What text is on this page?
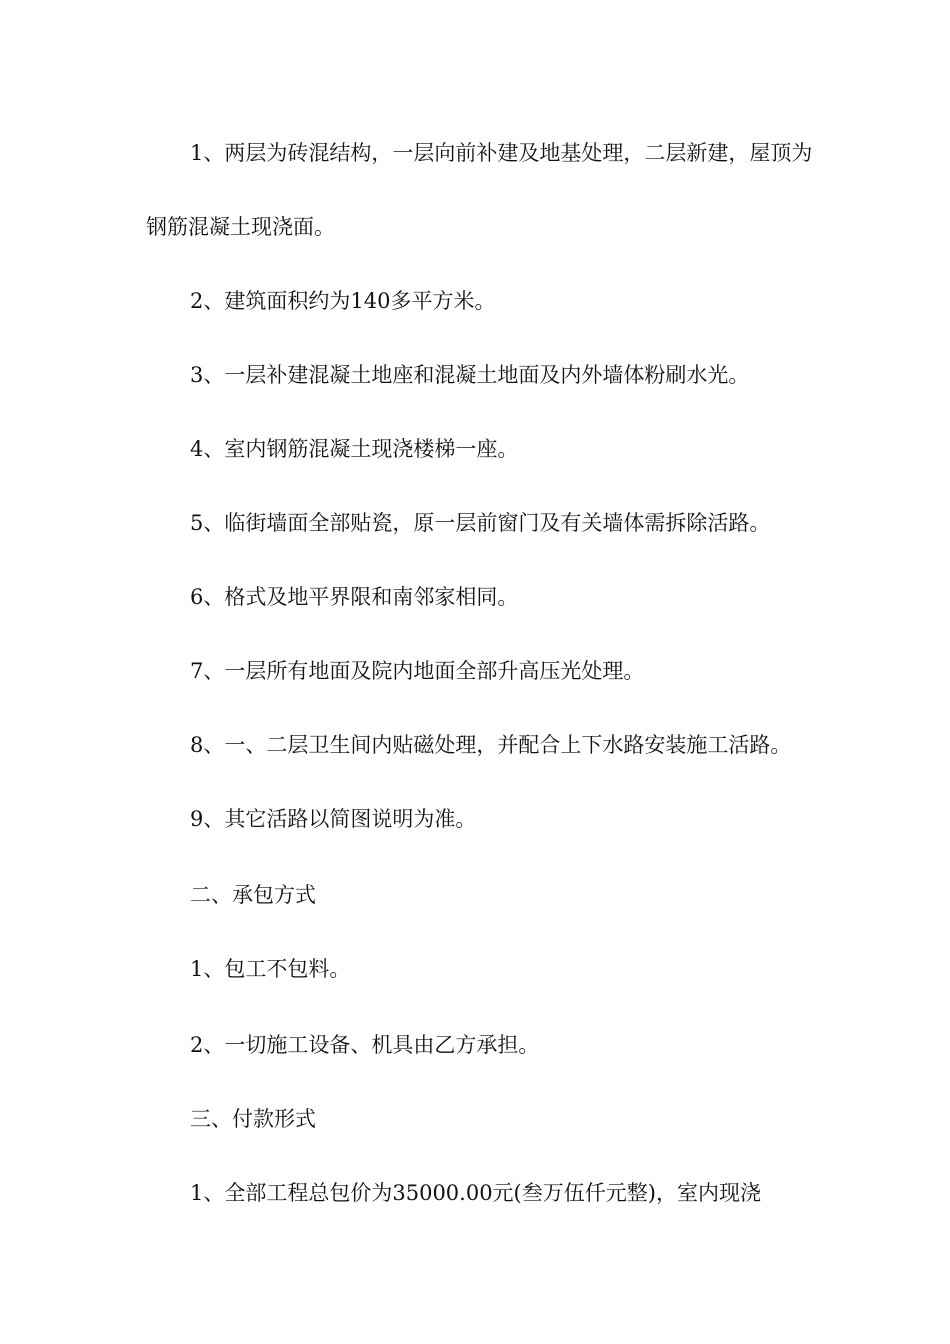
1、两层为砖混结构，一层向前补建及地基处理，二层新建，屋顶为钢筋混凝土现浇面。

2、建筑面积约为140多平方米。

3、一层补建混凝土地座和混凝土地面及内外墙体粉刷水光。

4、室内钢筋混凝土现浇楼梯一座。

5、临街墙面全部贴瓷，原一层前窗门及有关墙体需拆除活路。

6、格式及地平界限和南邻家相同。

7、一层所有地面及院内地面全部升高压光处理。

8、一、二层卫生间内贴磁处理，并配合上下水路安装施工活路。

9、其它活路以简图说明为准。

二、承包方式

1、包工不包料。

2、一切施工设备、机具由乙方承担。

三、付款形式

1、全部工程总包价为35000.00元(叁万伍仟元整)，室内现浇
